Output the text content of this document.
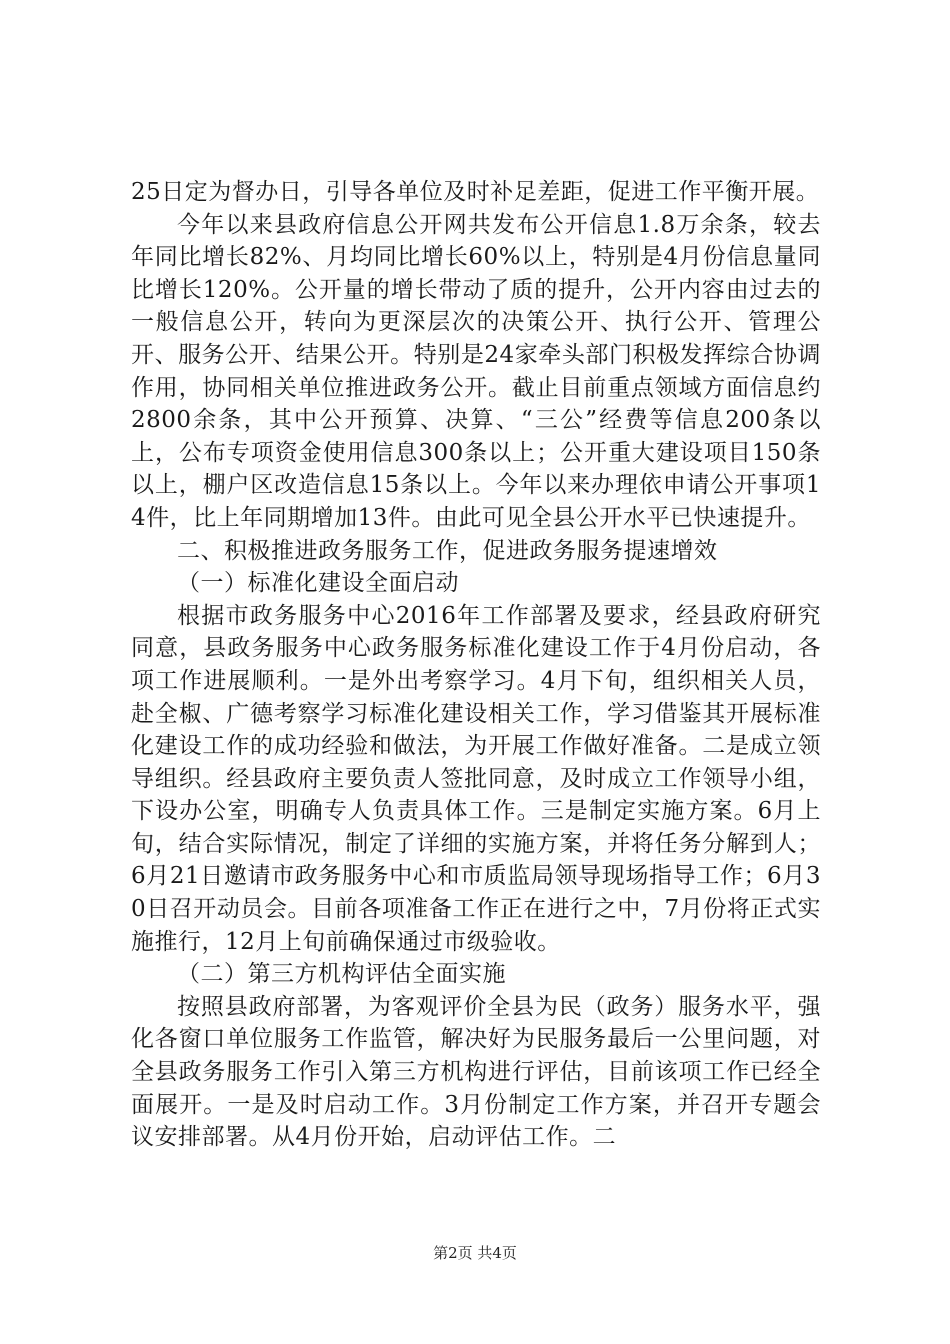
25日定为督办日，引导各单位及时补足差距，促进工作平衡开展。

今年以来县政府信息公开网共发布公开信息1.8万余条，较去年同比增长82%、月均同比增长60%以上，特别是4月份信息量同比增长120%。公开量的增长带动了质的提升，公开内容由过去的一般信息公开，转向为更深层次的决策公开、执行公开、管理公开、服务公开、结果公开。特别是24家牵头部门积极发挥综合协调作用，协同相关单位推进政务公开。截止目前重点领域方面信息约2800余条，其中公开预算、决算、“三公”经费等信息200条以上，公布专项资金使用信息300条以上；公开重大建设项目150条以上，棚户区改造信息15条以上。今年以来办理依申请公开事项14件，比上年同期增加13件。由此可见全县公开水平已快速提升。

二、积极推进政务服务工作，促进政务服务提速增效

（一）标准化建设全面启动

根据市政务服务中心2016年工作部署及要求，经县政府研究同意，县政务服务中心政务服务标准化建设工作于4月份启动，各项工作进展顺利。一是外出考察学习。4月下旬，组织相关人员，赴全椒、广德考察学习标准化建设相关工作，学习借鉴其开展标准化建设工作的成功经验和做法，为开展工作做好准备。二是成立领导组织。经县政府主要负责人签批同意，及时成立工作领导小组，下设办公室，明确专人负责具体工作。三是制定实施方案。6月上旬，结合实际情况，制定了详细的实施方案，并将任务分解到人；6月21日邀请市政务服务中心和市质监局领导现场指导工作；6月30日召开动员会。目前各项准备工作正在进行之中，7月份将正式实施推行，12月上旬前确保通过市级验收。

（二）第三方机构评估全面实施

按照县政府部署，为客观评价全县为民（政务）服务水平，强化各窗口单位服务工作监管，解决好为民服务最后一公里问题，对全县政务服务工作引入第三方机构进行评估，目前该项工作已经全面展开。一是及时启动工作。3月份制定工作方案，并召开专题会议安排部署。从4月份开始，启动评估工作。二

第2页 共4页
